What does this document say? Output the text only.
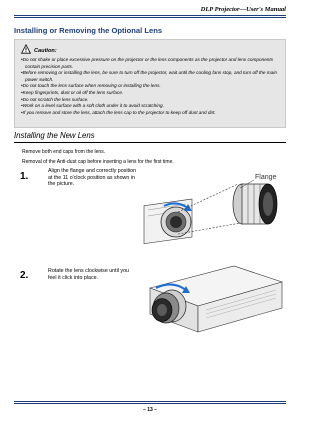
DLP Projector—User's Manual
Installing or Removing the Optional Lens
Caution:
• Do not shake or place excessive pressure on the projector or the lens components as the projector and lens components contain precision parts.
• Before removing or installing the lens, be sure to turn off the projector, wait until the cooling fans stop, and turn off the main power switch.
• Do not touch the lens surface when removing or installing the lens.
• Keep fingerprints, dust or oil off the lens surface.
• Do not scratch the lens surface.
• Work on a level surface with a soft cloth under it to avoid scratching.
• If you remove and store the lens, attach the lens cap to the projector to keep off dust and dirt.
Installing the New Lens
Remove both end caps from the lens.
Removal of the Anti-dust cap before inserting a lens for the first time.
1.	Align the flange and correctly position at the 11 o'clock position as shown in the picture.
Flange
2.	Rotate the lens clockwise until you feel it click into place.
– 13 –
